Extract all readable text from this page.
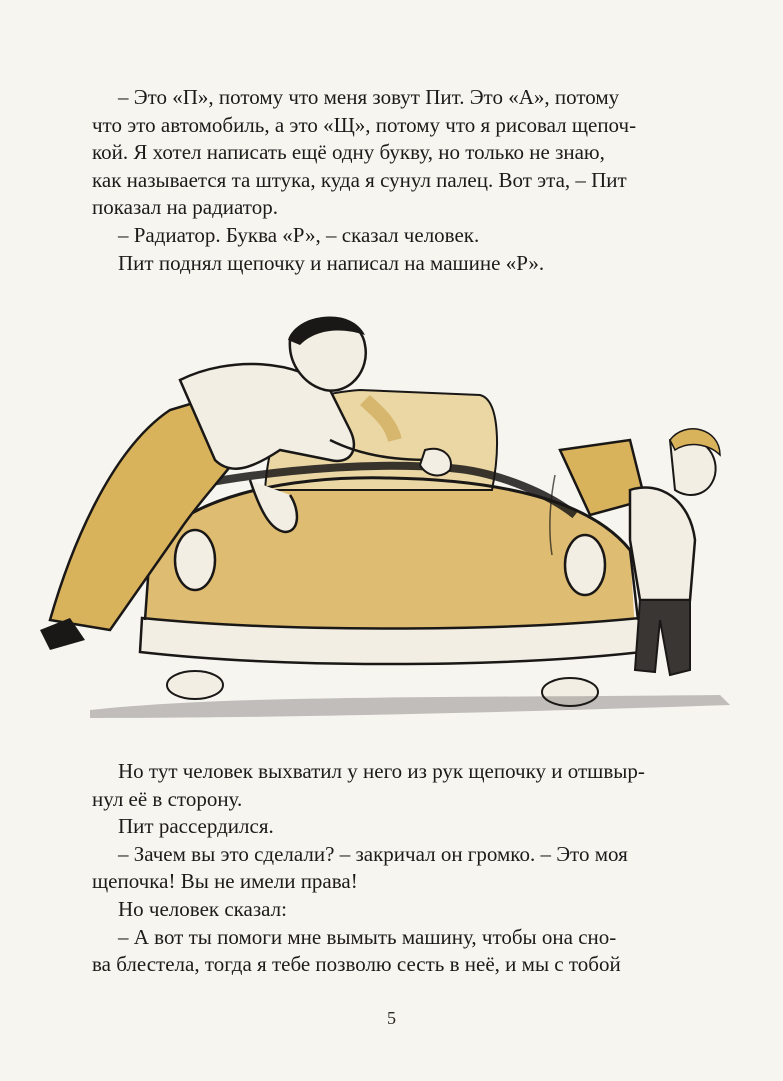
– Это «П», потому что меня зовут Пит. Это «А», потому

что это автомобиль, а это «Щ», потому что я рисовал щепоч-

кой. Я хотел написать ещё одну букву, но только не знаю,

как называется та штука, куда я сунул палец. Вот эта, – Пит

показал на радиатор.

– Радиатор. Буква «Р», – сказал человек.

Пит поднял щепочку и написал на машине «Р».

Но тут человек выхватил у него из рук щепочку и отшвыр-

нул её в сторону.

Пит рассердился.

– Зачем вы это сделали? – закричал он громко. – Это моя

щепочка! Вы не имели права!

Но человек сказал:

– А вот ты помоги мне вымыть машину, чтобы она сно-

ва блестела, тогда я тебе позволю сесть в неё, и мы с тобой

5
